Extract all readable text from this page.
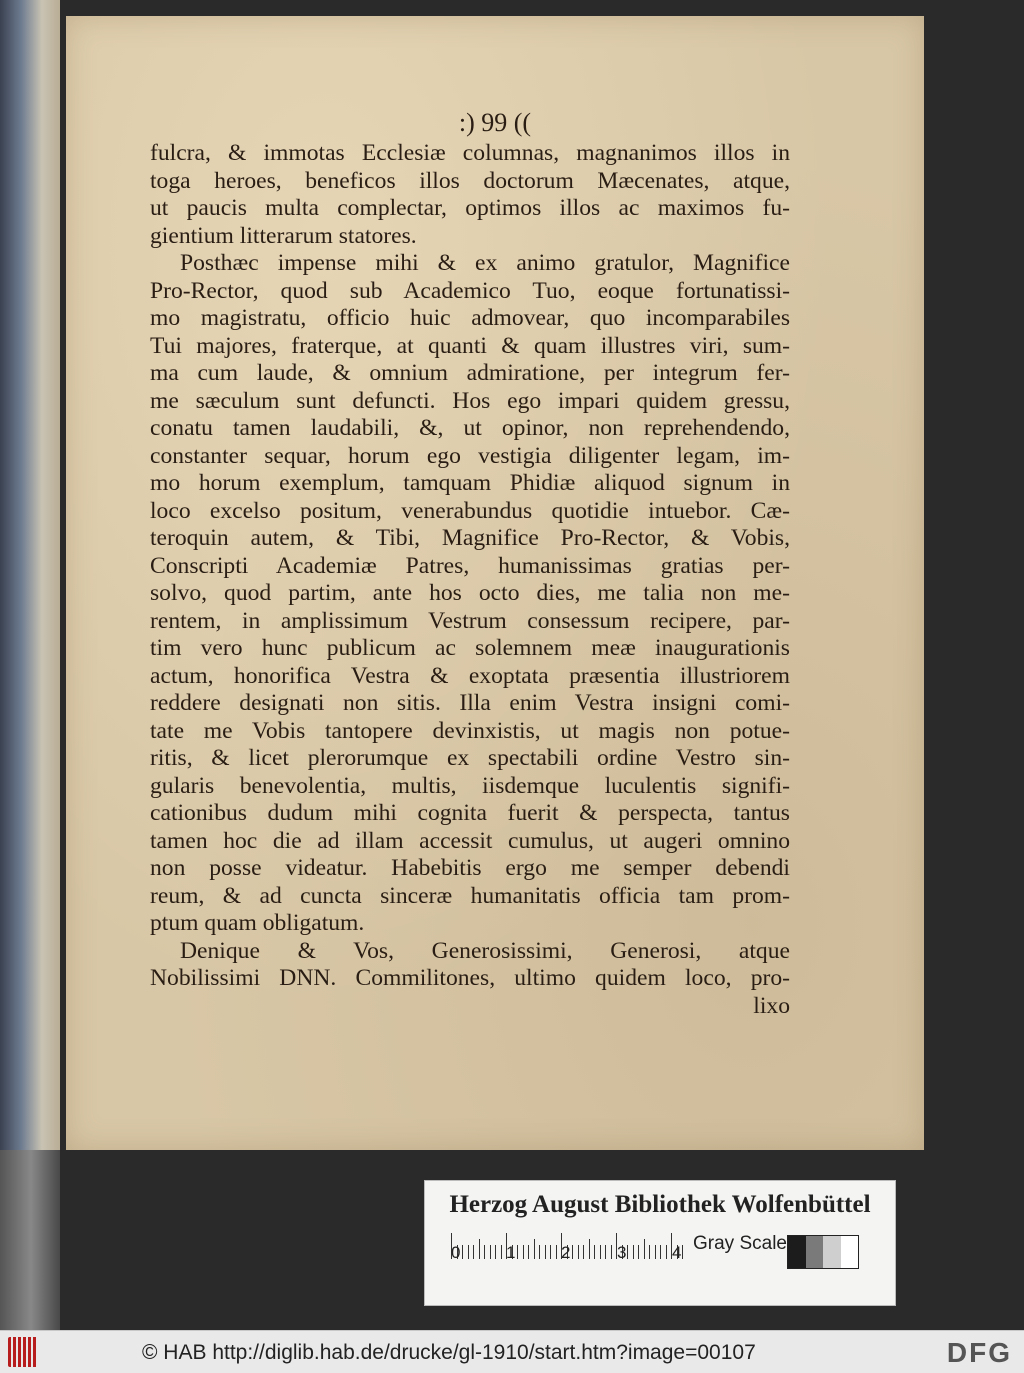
:) 99 ((
fulcra, & immotas Ecclesiæ columnas, magnanimos illos in
toga heroes, beneficos illos doctorum Mæcenates, atque,
ut paucis multa complectar, optimos illos ac maximos fu-
gientium litterarum statores.
Posthæc impense mihi & ex animo gratulor, Magnifice
Pro-Rector, quod sub Academico Tuo, eoque fortunatissi-
mo magistratu, officio huic admovear, quo incomparabiles
Tui majores, fraterque, at quanti & quam illustres viri, sum-
ma cum laude, & omnium admiratione, per integrum fer-
me sæculum sunt defuncti. Hos ego impari quidem gressu,
conatu tamen laudabili, &, ut opinor, non reprehendendo,
constanter sequar, horum ego vestigia diligenter legam, im-
mo horum exemplum, tamquam Phidiæ aliquod signum in
loco excelso positum, venerabundus quotidie intuebor. Cæ-
teroquin autem, & Tibi, Magnifice Pro-Rector, & Vobis,
Conscripti Academiæ Patres, humanissimas gratias per-
solvo, quod partim, ante hos octo dies, me talia non me-
rentem, in amplissimum Vestrum consessum recipere, par-
tim vero hunc publicum ac solemnem meæ inaugurationis
actum, honorifica Vestra & exoptata præsentia illustriorem
reddere designati non sitis. Illa enim Vestra insigni comi-
tate me Vobis tantopere devinxistis, ut magis non potue-
ritis, & licet plerorumque ex spectabili ordine Vestro sin-
gularis benevolentia, multis, iisdemque luculentis signifi-
cationibus dudum mihi cognita fuerit & perspecta, tantus
tamen hoc die ad illam accessit cumulus, ut augeri omnino
non posse videatur. Habebitis ergo me semper debendi
reum, & ad cuncta sinceræ humanitatis officia tam prom-
ptum quam obligatum.
Denique & Vos, Generosissimi, Generosi, atque
Nobilissimi DNN. Commilitones, ultimo quidem loco, pro-
lixo
Herzog August Bibliothek Wolfenbüttel
0	1	2	3	4 Gray Scale
© HAB http://diglib.hab.de/drucke/gl-1910/start.htm?image=00107	DFG
